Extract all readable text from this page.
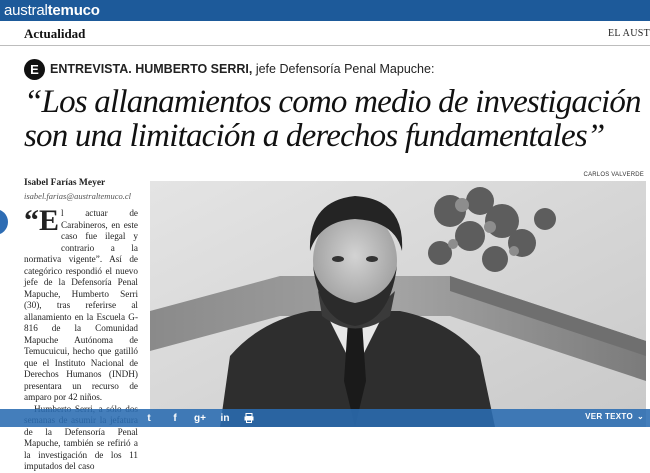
australtemuco
Actualidad	EL AUST
E ENTREVISTA. HUMBERTO SERRI, jefe Defensoría Penal Mapuche:
“Los allanamientos como medio de investigación son una limitación a derechos fundamentales”
CARLOS VALVERDE
Isabel Farías Meyer
isabel.farias@australtemuco.cl
“E l actuar de Carabineros, en este caso fue ilegal y contrario a la normativa vigente”. Así de categórico respondió el nuevo jefe de la Defensoría Penal Mapuche, Humberto Serri (30), tras referirse al allanamiento en la Escuela G-816 de la Comunidad Mapuche Autónoma de Temucuicui, hecho que gatilló que el Instituto Nacional de Derechos Humanos (INDH) presentara un recurso de amparo por 42 niños.

de la Defensoría Penal Mapuche, también se refirió a la investigación de los 11 imputados del caso

t	f	g+ in	VER TEXTO ⌄
